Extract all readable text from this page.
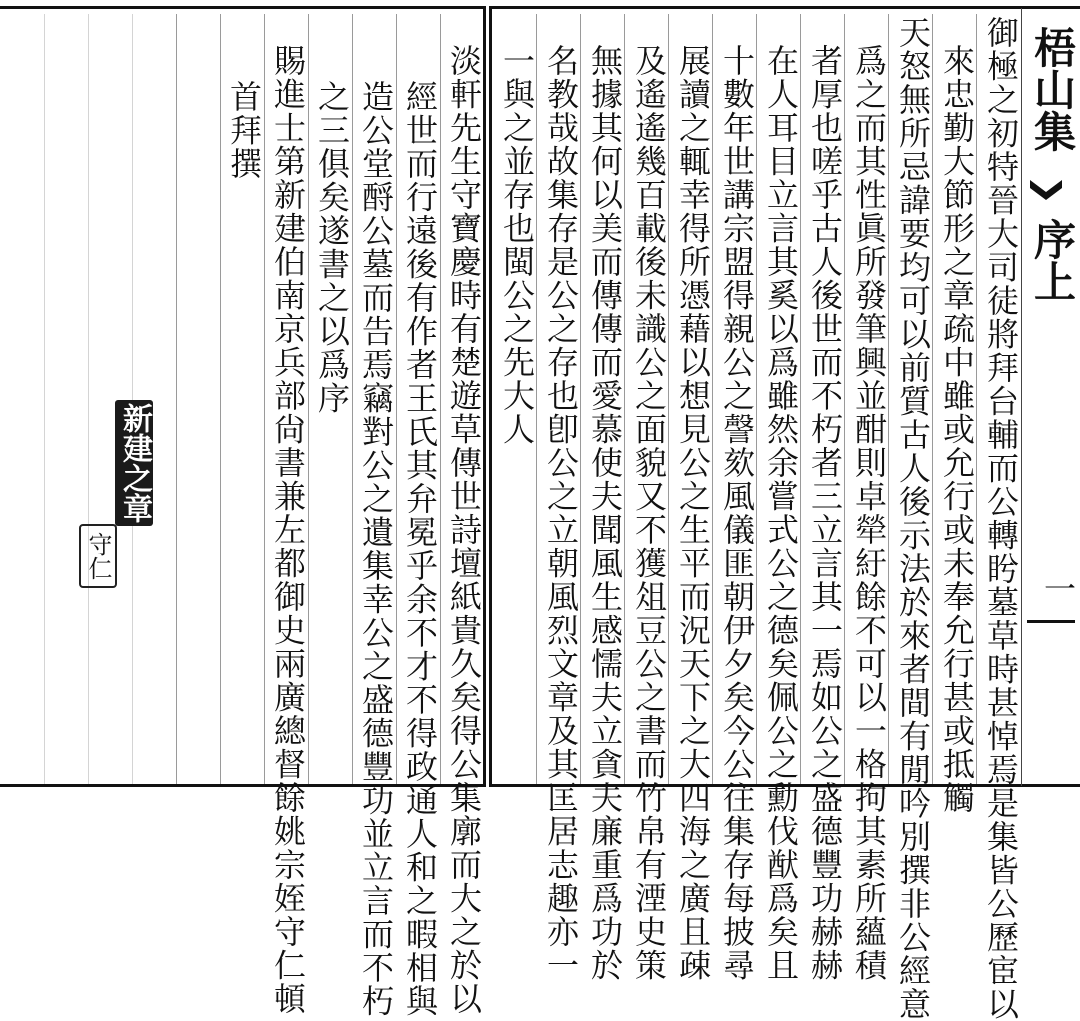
梧山集
序上
一
御極之初特晉大司徒將拜台輔而公轉盻墓草時甚悼焉是集皆公歷宦以
來忠勤大節形之章疏中雖或允行或未奉允行甚或抵觸
天怒無所忌諱要均可以前質古人後示法於來者間有閒吟別撰非公經意
爲之而其性眞所發筆興並酣則卓犖紆餘不可以一格拘其素所蘊積
者厚也嗟乎古人後世而不朽者三立言其一焉如公之盛德豐功赫赫
在人耳目立言其奚以爲雖然余嘗式公之德矣佩公之勳伐猷爲矣且
十數年世講宗盟得親公之謦欬風儀匪朝伊夕矣今公往集存每披尋
展讀之輒幸得所憑藉以想見公之生平而況天下之大四海之廣且疎
及遙遙幾百載後未識公之面貌又不獲俎豆公之書而竹帛有湮史策
無據其何以美而傳傳而愛慕使夫聞風生感懦夫立貪夫廉重爲功於
名教哉故集存是公之存也卽公之立朝風烈文章及其匡居志趣亦一
一與之並存也閩公之先大人
淡軒先生守寶慶時有楚遊草傳世詩壇紙貴久矣得公集廓而大之於以
經世而行遠後有作者王氏其弁冕乎余不才不得政通人和之暇相與
造公堂酹公墓而告焉竊對公之遺集幸公之盛德豐功並立言而不朽
之三俱矣遂書之以爲序
賜進士第新建伯南京兵部尙書兼左都御史兩廣總督餘姚宗姪守仁頓
首拜撰
新建之章
守仁
